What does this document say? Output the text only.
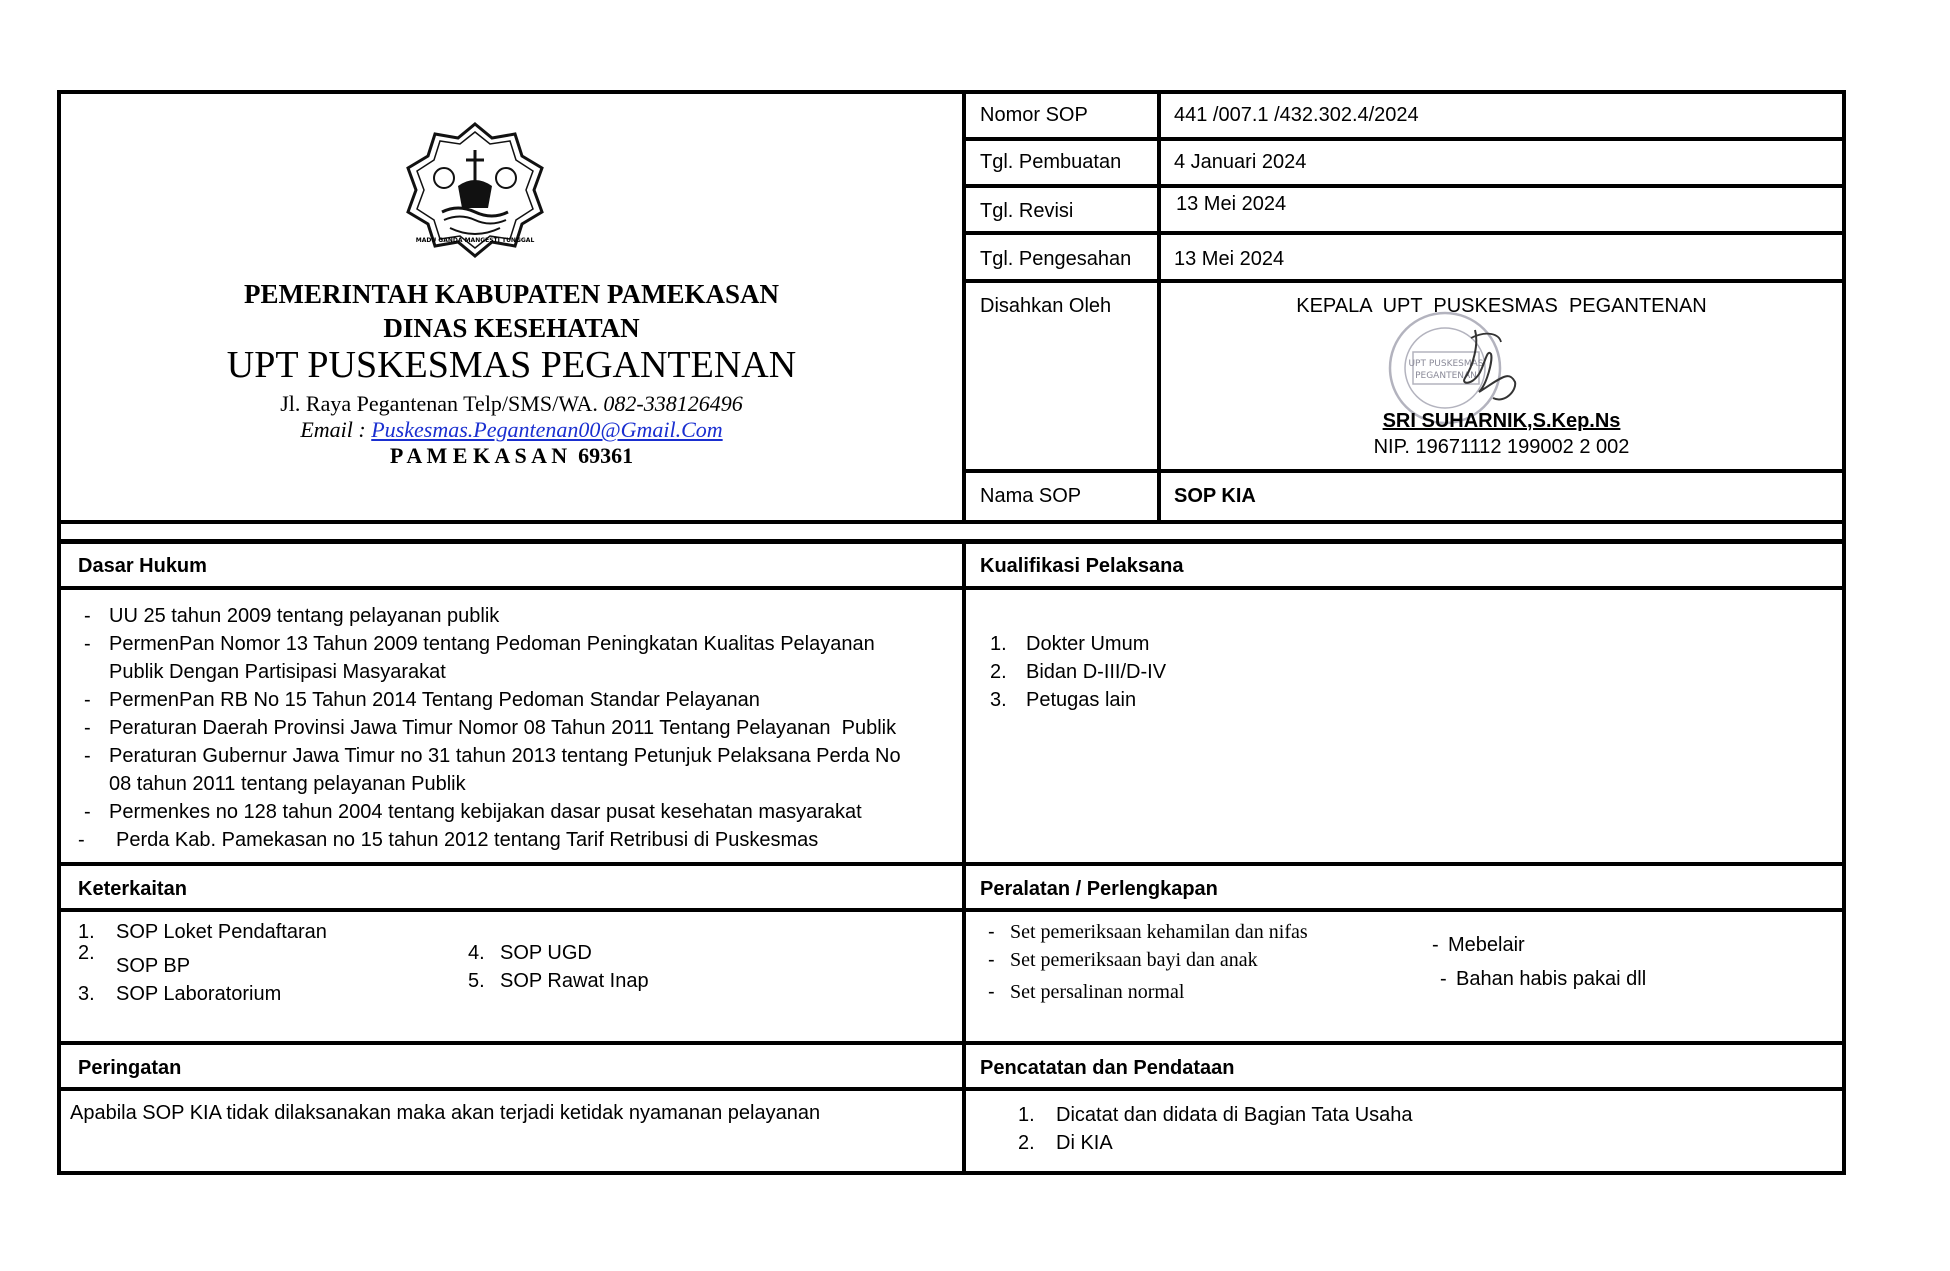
MADU GANDA MANGESTI TUNGGAL
PEMERINTAH KABUPATEN PAMEKASAN
DINAS KESEHATAN
UPT PUSKESMAS PEGANTENAN
Jl. Raya Pegantenan Telp/SMS/WA. 082-338126496
Email : Puskesmas.Pegantenan00@Gmail.Com
P A M E K A S A N  69361
Nomor SOP	441 /007.1 /432.302.4/2024
Tgl. Pembuatan	4 Januari 2024
Tgl. Revisi	13 Mei 2024
Tgl. Pengesahan 13 Mei 2024
Disahkan Oleh	KEPALA  UPT  PUSKESMAS  PEGANTENAN
UPT PUSKESMAS
PEGANTENAN
SRI SUHARNIK,S.Kep.Ns
NIP. 19671112 199002 2 002
Nama SOP	SOP KIA
Dasar Hukum	Kualifikasi Pelaksana
- UU 25 tahun 2009 tentang pelayanan publik
- PermenPan Nomor 13 Tahun 2009 tentang Pedoman Peningkatan Kualitas Pelayanan
Publik Dengan Partisipasi Masyarakat
- PermenPan RB No 15 Tahun 2014 Tentang Pedoman Standar Pelayanan
- Peraturan Daerah Provinsi Jawa Timur Nomor 08 Tahun 2011 Tentang Pelayanan  Publik
- Peraturan Gubernur Jawa Timur no 31 tahun 2013 tentang Petunjuk Pelaksana Perda No
08 tahun 2011 tentang pelayanan Publik
- Permenkes no 128 tahun 2004 tentang kebijakan dasar pusat kesehatan masyarakat
- Perda Kab. Pamekasan no 15 tahun 2012 tentang Tarif Retribusi di Puskesmas
1. Dokter Umum
2. Bidan D-III/D-IV
3. Petugas lain
Keterkaitan	Peralatan / Perlengkapan
1. SOP Loket Pendaftaran
2.
SOP BP
3. SOP Laboratorium
4. SOP UGD
5. SOP Rawat Inap
- Set pemeriksaan kehamilan dan nifas
- Set pemeriksaan bayi dan anak
- Set persalinan normal
- Mebelair
- Bahan habis pakai dll
Peringatan	Pencatatan dan Pendataan
Apabila SOP KIA tidak dilaksanakan maka akan terjadi ketidak nyamanan pelayanan	1. Dicatat dan didata di Bagian Tata Usaha
2. Di KIA
